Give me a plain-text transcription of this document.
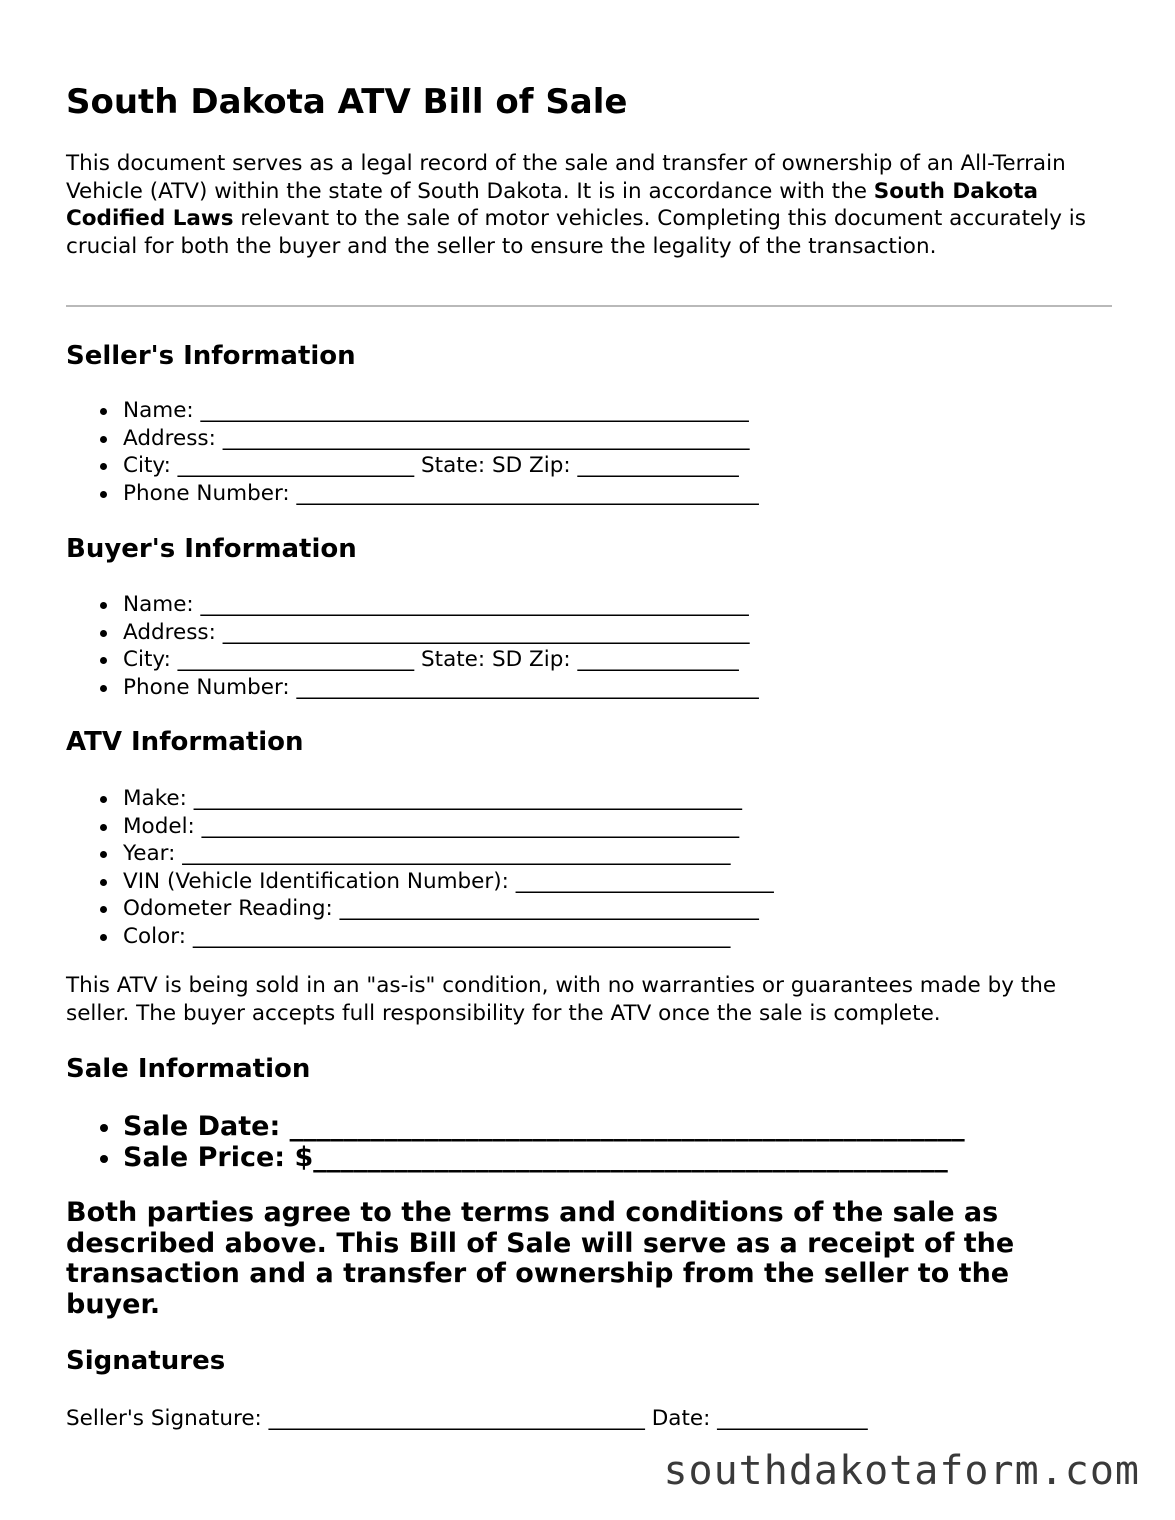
South Dakota ATV Bill of Sale

This document serves as a legal record of the sale and transfer of ownership of an All-Terrain Vehicle (ATV) within the state of South Dakota. It is in accordance with the South Dakota Codified Laws relevant to the sale of motor vehicles. Completing this document accurately is crucial for both the buyer and the seller to ensure the legality of the transaction.

Seller's Information
Name: ___________________________________________________
Address: _________________________________________________
City: ______________________ State: SD Zip: _______________
Phone Number: ___________________________________________
Buyer's Information
Name: ___________________________________________________
Address: _________________________________________________
City: ______________________ State: SD Zip: _______________
Phone Number: ___________________________________________
ATV Information
Make: ___________________________________________________
Model: __________________________________________________
Year: ___________________________________________________
VIN (Vehicle Identification Number): ________________________
Odometer Reading: _______________________________________
Color: __________________________________________________

This ATV is being sold in an "as-is" condition, with no warranties or guarantees made by the seller. The buyer accepts full responsibility for the ATV once the sale is complete.

Sale Information
Sale Date: __________________________________________________
Sale Price: $_______________________________________________

Both parties agree to the terms and conditions of the sale as described above. This Bill of Sale will serve as a receipt of the transaction and a transfer of ownership from the seller to the buyer.

Signatures
Seller's Signature: ___________________________________ Date: ______________
southdakotaform.com
